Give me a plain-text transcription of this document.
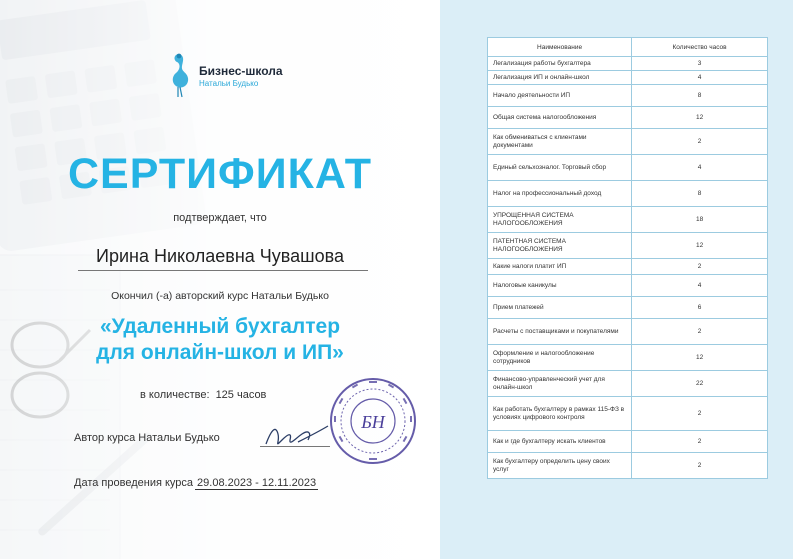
Бизнес-школа
Натальи Будько
СЕРТИФИКАТ
подтверждает, что
Ирина Николаевна Чувашова
Окончил (-а) авторский курс Натальи Будько
«Удаленный бухгалтер
для онлайн-школ и ИП»
в количестве: 125 часов
Автор курса Натальи Будько
БН
Дата проведения курса 29.08.2023 - 12.11.2023
Наименование	Количество часов
Легализация работы бухгалтера	3
Легализация ИП и онлайн-школ	4
Начало деятельности ИП	8
Общая система налогообложения	12
Как обмениваться с клиентами документами	2
Единый сельхозналог. Торговый сбор	4
Налог на профессиональный доход	8
УПРОЩЕННАЯ СИСТЕМА НАЛОГООБЛОЖЕНИЯ	18
ПАТЕНТНАЯ СИСТЕМА НАЛОГООБЛОЖЕНИЯ	12
Какие налоги платит ИП	2
Налоговые каникулы	4
Прием платежей	6
Расчеты с поставщиками и покупателями	2
Оформление и налогообложение сотрудников	12
Финансово-управленческий учет для онлайн-школ	22
Как работать бухгалтеру в рамках 115-ФЗ в условиях цифрового контроля	2
Как и где бухгалтеру искать клиентов	2
Как бухгалтеру определить цену своих услуг	2
